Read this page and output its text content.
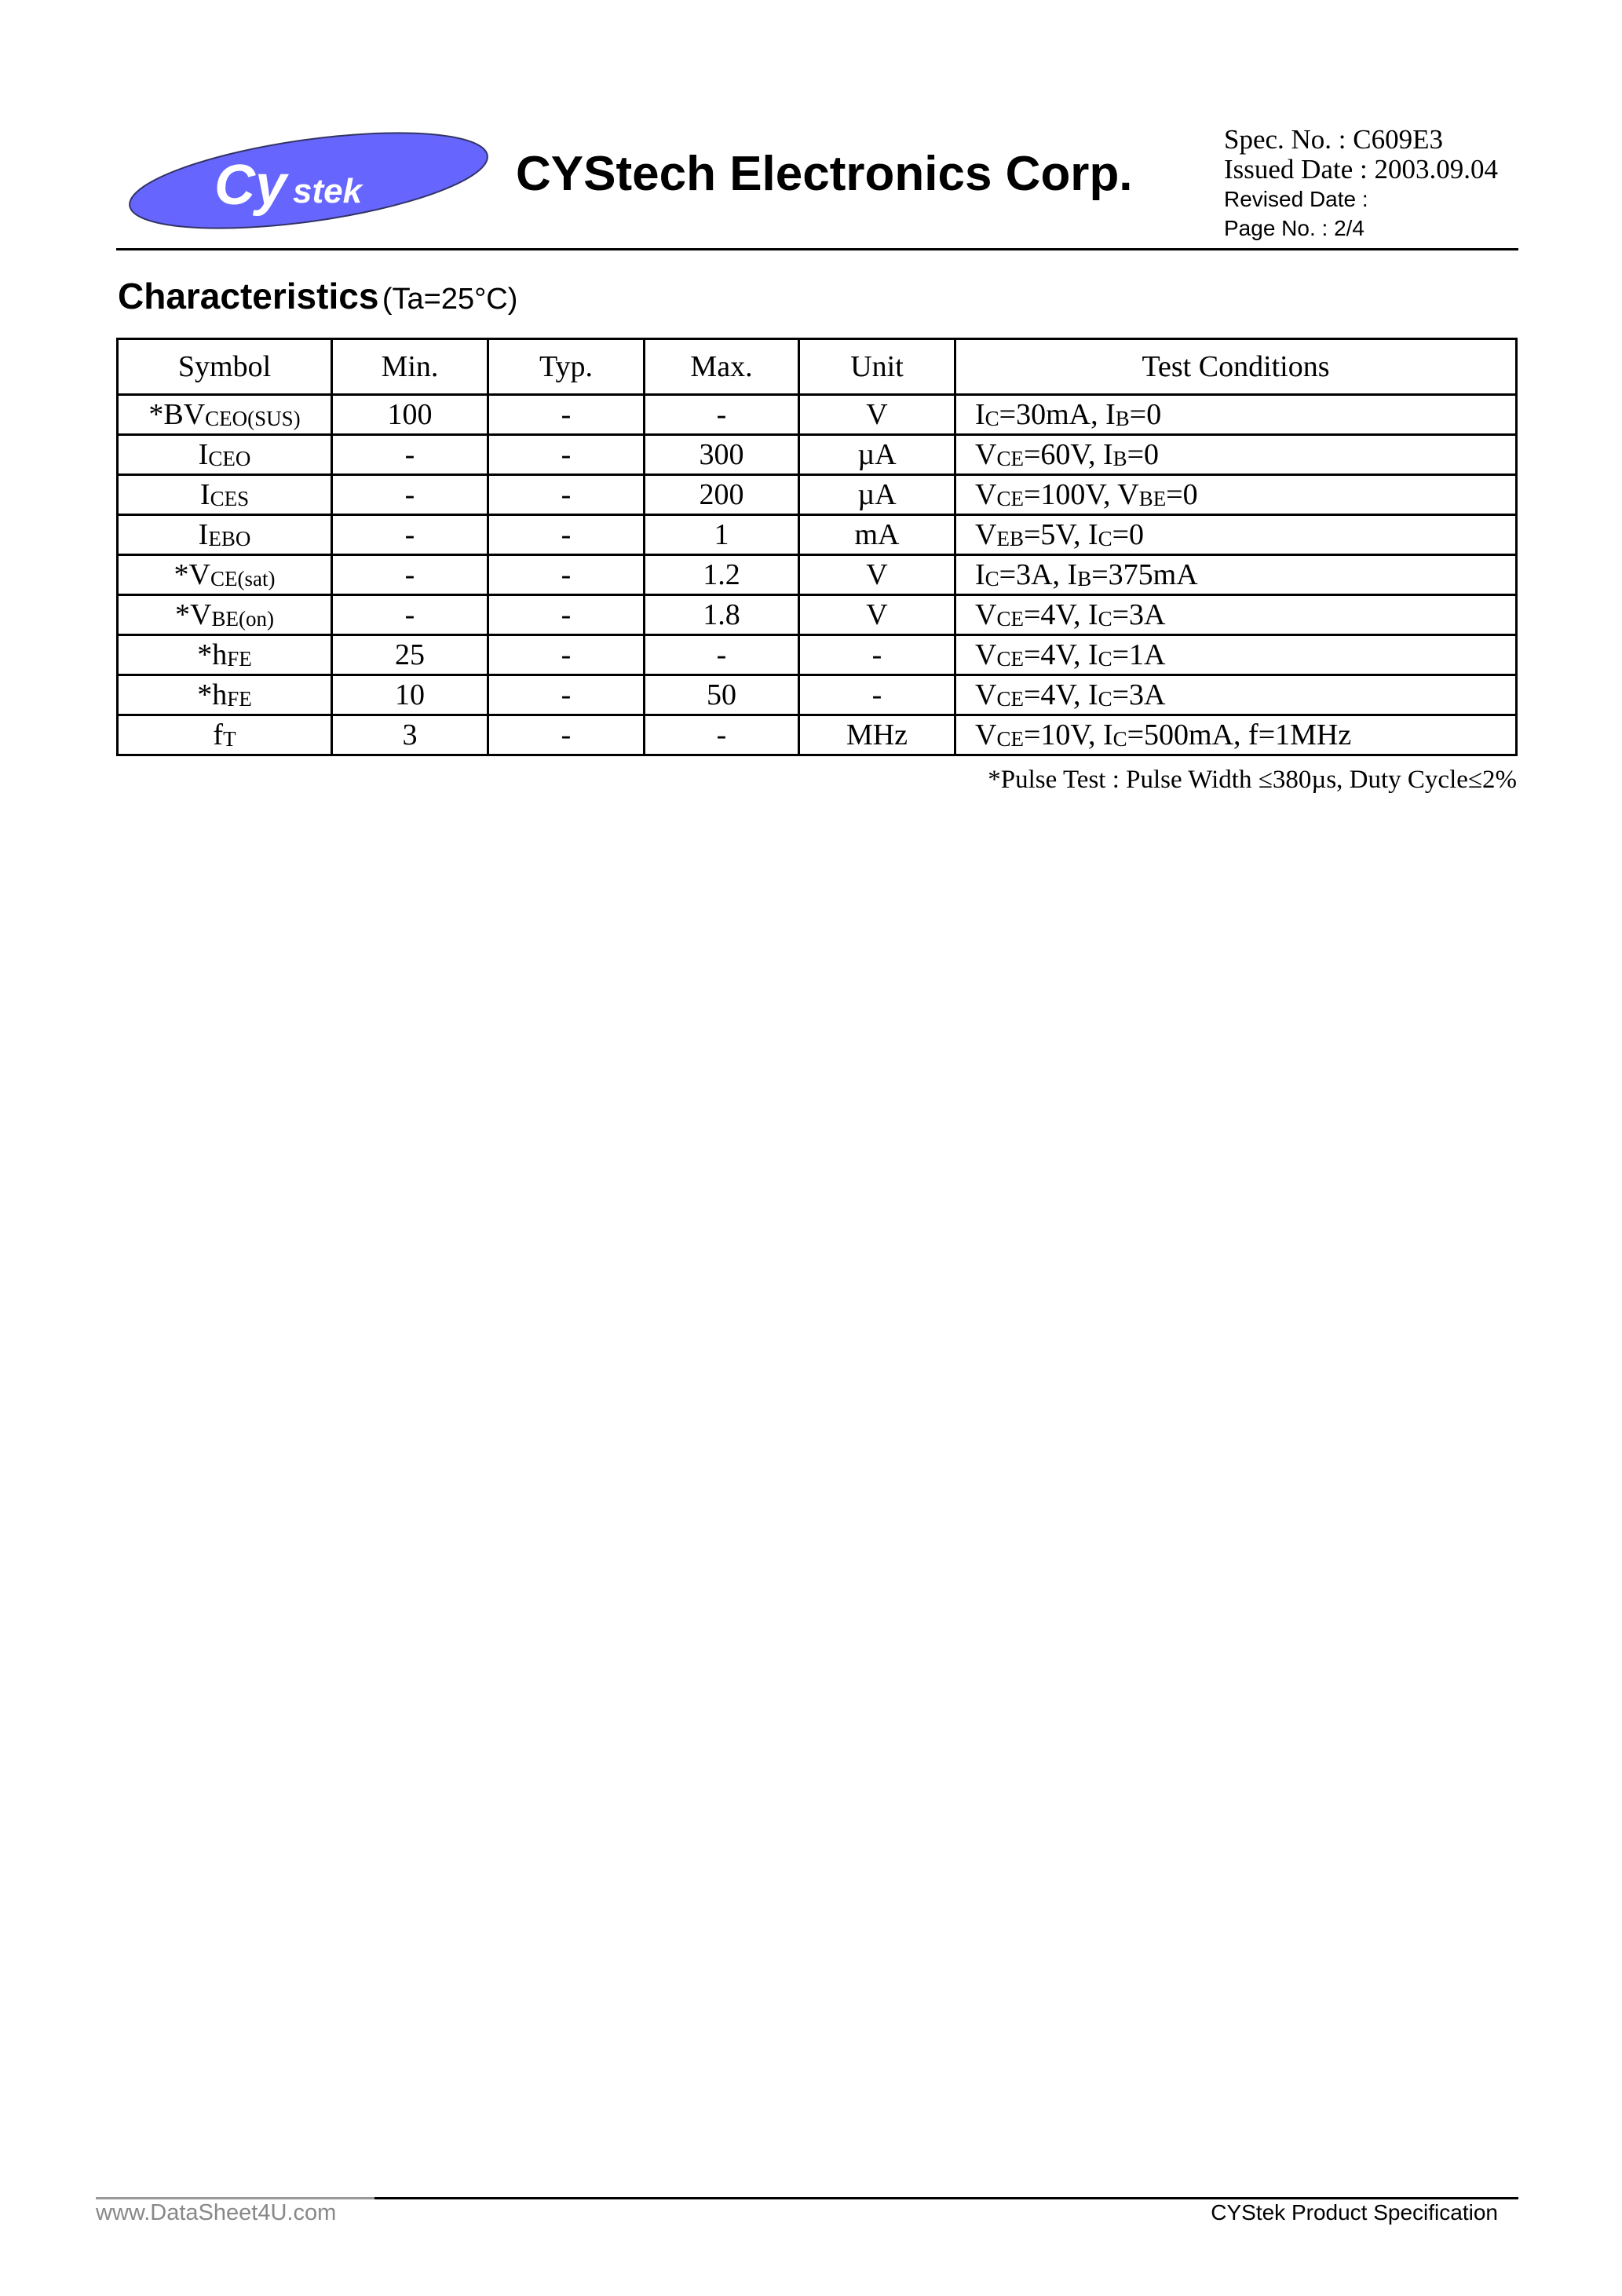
Cy stek	CYStech Electronics Corp.
Spec. No. : C609E3
Issued Date : 2003.09.04
Revised Date :
Page No. : 2/4
Characteristics (Ta=25°C)
Symbol	Min.	Typ.	Max.	Unit	Test Conditions
$*BV_{CEO(SUS)}$	100	-	-	V	$I_C=30mA$, $I_B=0$
$I_{CEO}$	-	-	300	µA	$V_{CE}=60V$, $I_B=0$
$I_{CES}$	-	-	200	µA	$V_{CE}=100V$, $V_{BE}=0$
$I_{EBO}$	-	-	1	mA	$V_{EB}=5V$, $I_C=0$
$*V_{CE(sat)}$	-	-	1.2	V	$I_C=3A$, $I_B=375mA$
$*V_{BE(on)}$	-	-	1.8	V	$V_{CE}=4V$, $I_C=3A$
$*h_{FE}$	25	-	-	-	$V_{CE}=4V$, $I_C=1A$
$*h_{FE}$	10	-	50	-	$V_{CE}=4V$, $I_C=3A$
$f_T$	3	-	-	MHz	$V_{CE}=10V$, $I_C=500mA$, f=1MHz
*Pulse Test : Pulse Width ≤380µs, Duty Cycle≤2%
www.DataSheet4U.com	CYStek Product Specification
